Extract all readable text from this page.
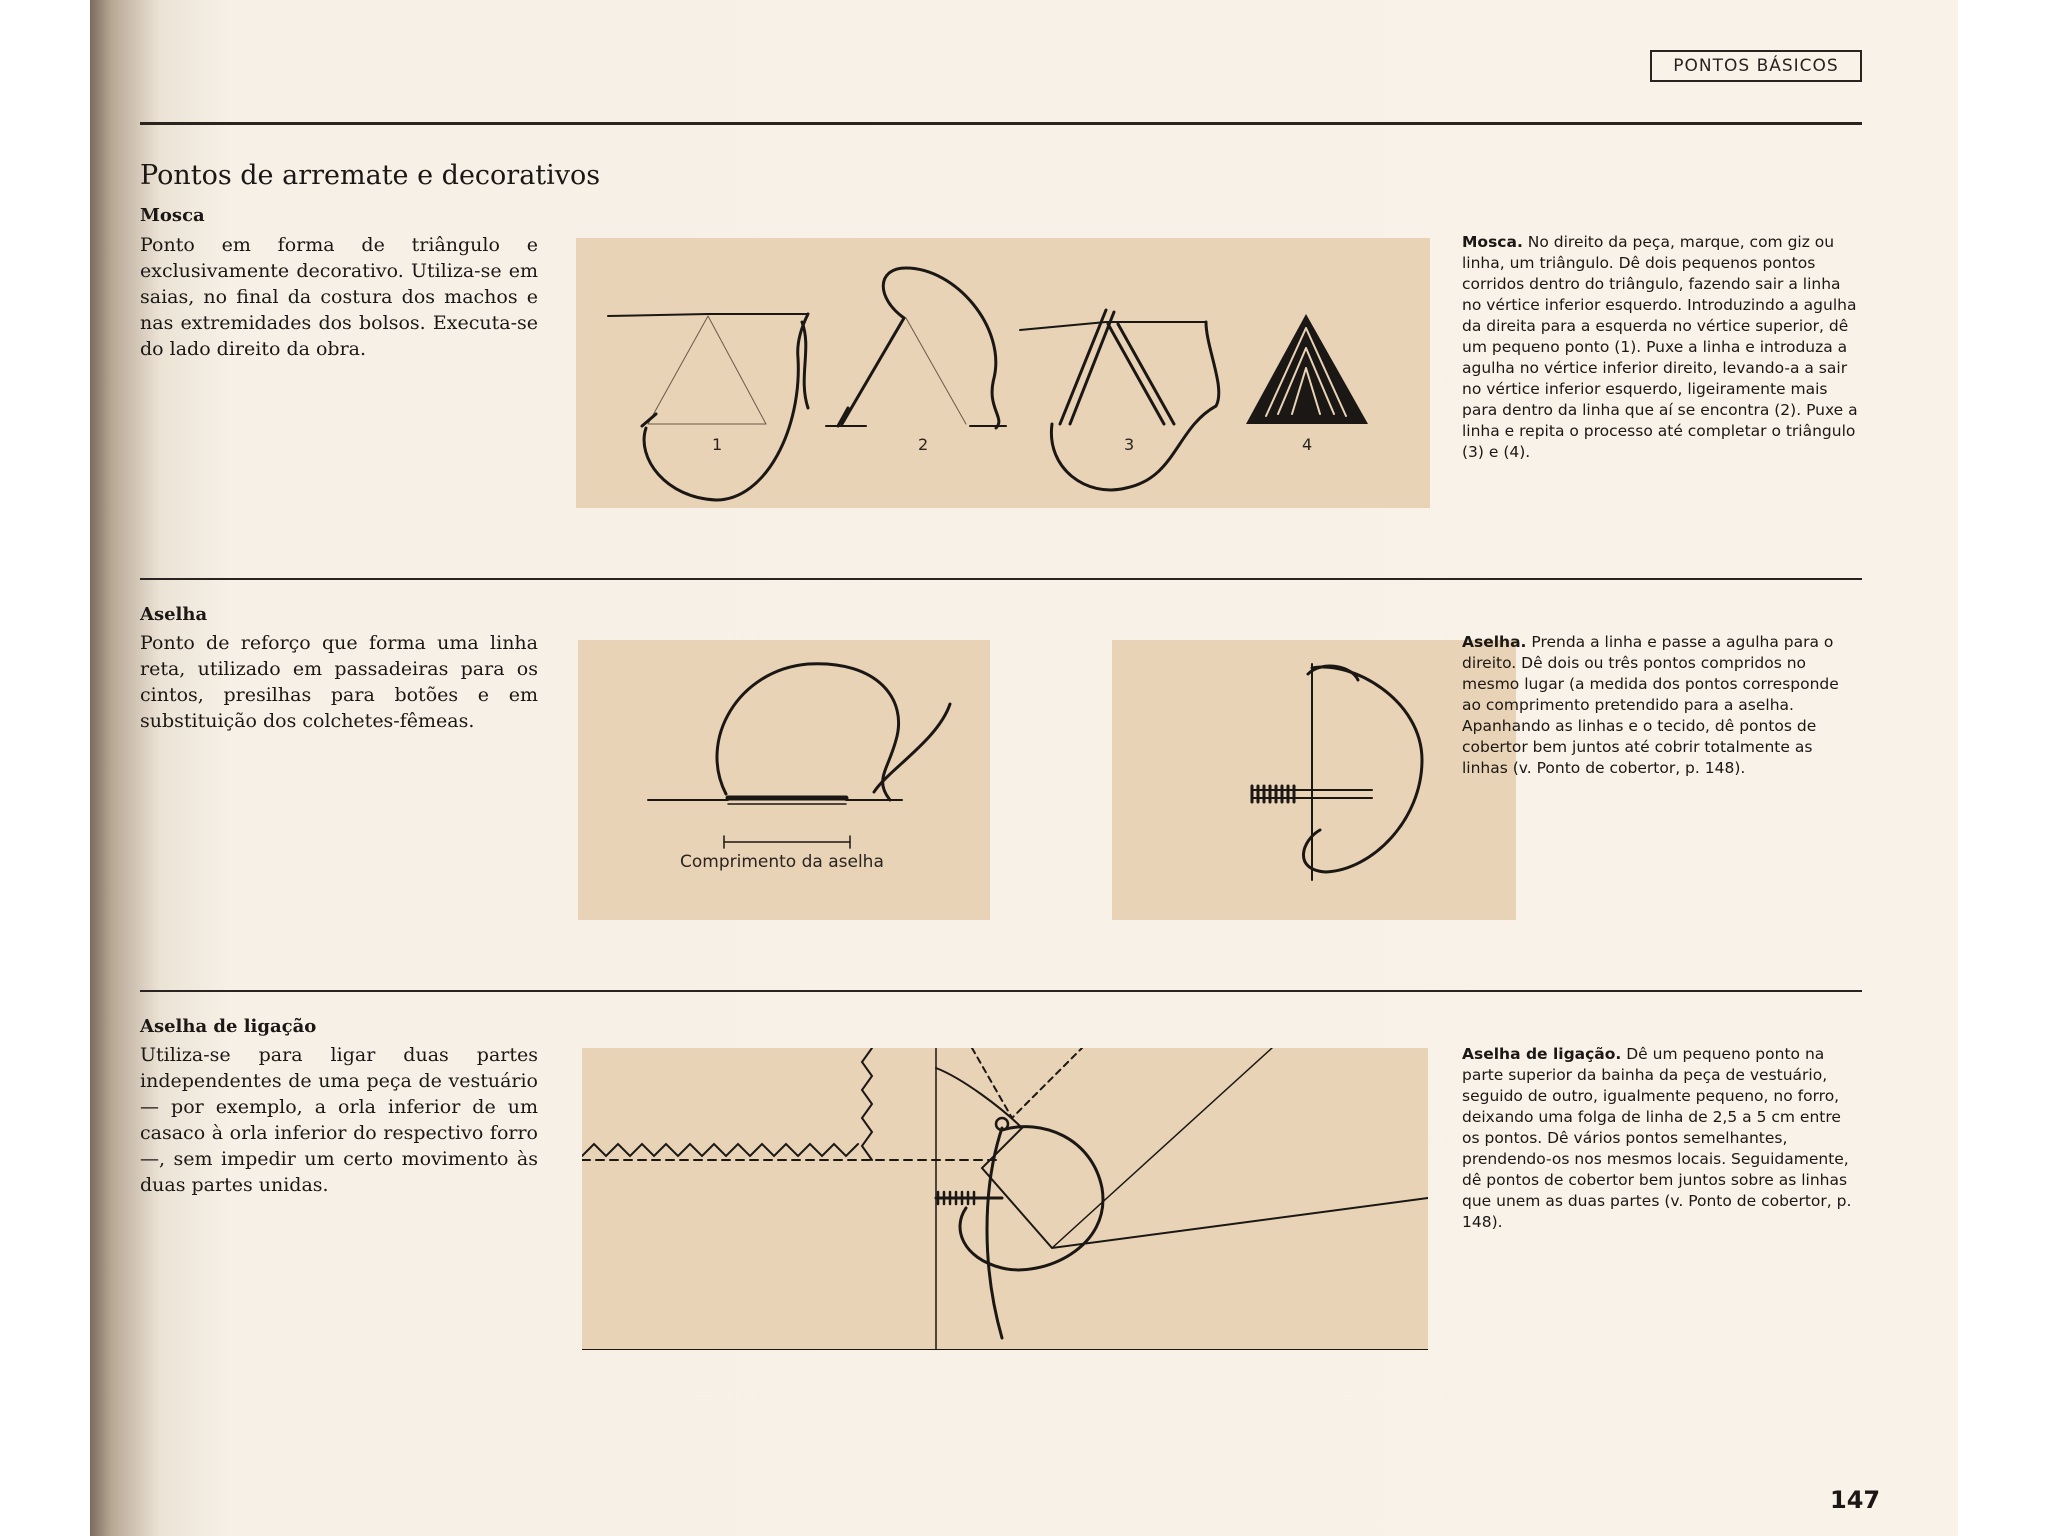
PONTOS BÁSICOS
Pontos de arremate e decorativos
Mosca
Ponto em forma de triângulo e exclusivamente decorativo. Utiliza-se em saias, no final da costura dos machos e nas extremidades dos bolsos. Executa-se do lado direito da obra.
1	2	3	4
Mosca. No direito da peça, marque, com giz ou linha, um triângulo. Dê dois pequenos pontos corridos dentro do triângulo, fazendo sair a linha no vértice inferior esquerdo. Introduzindo a agulha da direita para a esquerda no vértice superior, dê um pequeno ponto (1). Puxe a linha e introduza a agulha no vértice inferior direito, levando-a a sair no vértice inferior esquerdo, ligeiramente mais para dentro da linha que aí se encontra (2). Puxe a linha e repita o processo até completar o triângulo (3) e (4).
Aselha
Ponto de reforço que forma uma linha reta, utilizado em passadeiras para os cintos, presilhas para botões e em substituição dos colchetes-fêmeas.
Comprimento da aselha
Aselha. Prenda a linha e passe a agulha para o direito. Dê dois ou três pontos compridos no mesmo lugar (a medida dos pontos corresponde ao comprimento pretendido para a aselha. Apanhando as linhas e o tecido, dê pontos de cobertor bem juntos até cobrir totalmente as linhas (v. Ponto de cobertor, p. 148).
Aselha de ligação
Utiliza-se para ligar duas partes independentes de uma peça de vestuário — por exemplo, a orla inferior de um casaco à orla inferior do respectivo forro —, sem impedir um certo movimento às duas partes unidas.
Aselha de ligação. Dê um pequeno ponto na parte superior da bainha da peça de vestuário, seguido de outro, igualmente pequeno, no forro, deixando uma folga de linha de 2,5 a 5 cm entre os pontos. Dê vários pontos semelhantes, prendendo-os nos mesmos locais. Seguidamente, dê pontos de cobertor bem juntos sobre as linhas que unem as duas partes (v. Ponto de cobertor, p. 148).
147
